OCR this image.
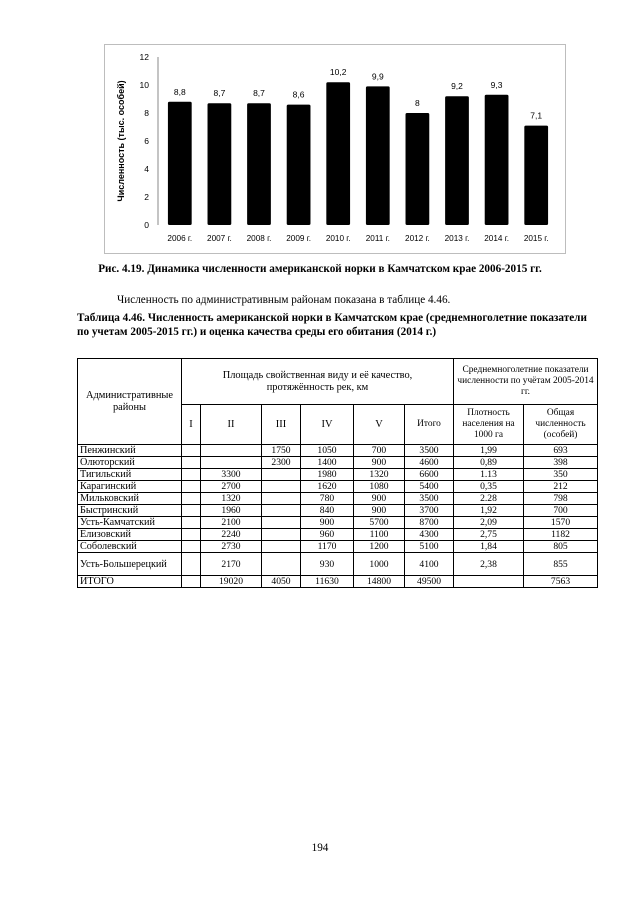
0
2
4
6
8
10
12
Численность (тыс. особей)	8,8
2006 г.
8,7
2007 г.
8,7
2008 г.
8,6
2009 г.
10,2
2010 г.
9,9
2011 г.
8
2012 г.
9,2
2013 г.
9,3
2014 г.
7,1
2015 г.
Рис. 4.19. Динамика численности американской норки в Камчатском крае 2006-2015 гг.
Численность по административным районам показана в таблице 4.46.
Таблица 4.46. Численность американской норки в Камчатском крае (среднемноголетние показатели по учетам 2005-2015 гг.) и оценка качества среды его обитания (2014 г.)
Административные районы	Площадь свойственная виду и её качество, протяжённость рек, км						Среднемноголетние показатели численности по учётам 2005-2014 гг.	
	I	II	III	IV	V	Итого	Плотность населения на 1000 га	Общая численность (особей)
Пенжинский			1750	1050	700	3500	1,99	693
Олюторский			2300	1400	900	4600	0,89	398
Тигильский		3300		1980	1320	6600	1.13	350
Карагинский		2700		1620	1080	5400	0,35	212
Мильковский		1320		780	900	3500	2.28	798
Быстринский		1960		840	900	3700	1,92	700
Усть-Камчатский		2100		900	5700	8700	2,09	1570
Елизовский		2240		960	1100	4300	2,75	1182
Соболевский		2730		1170	1200	5100	1,84	805
Усть-Большерецкий		2170		930	1000	4100	2,38	855
ИТОГО		19020	4050	11630	14800	49500		7563
194
